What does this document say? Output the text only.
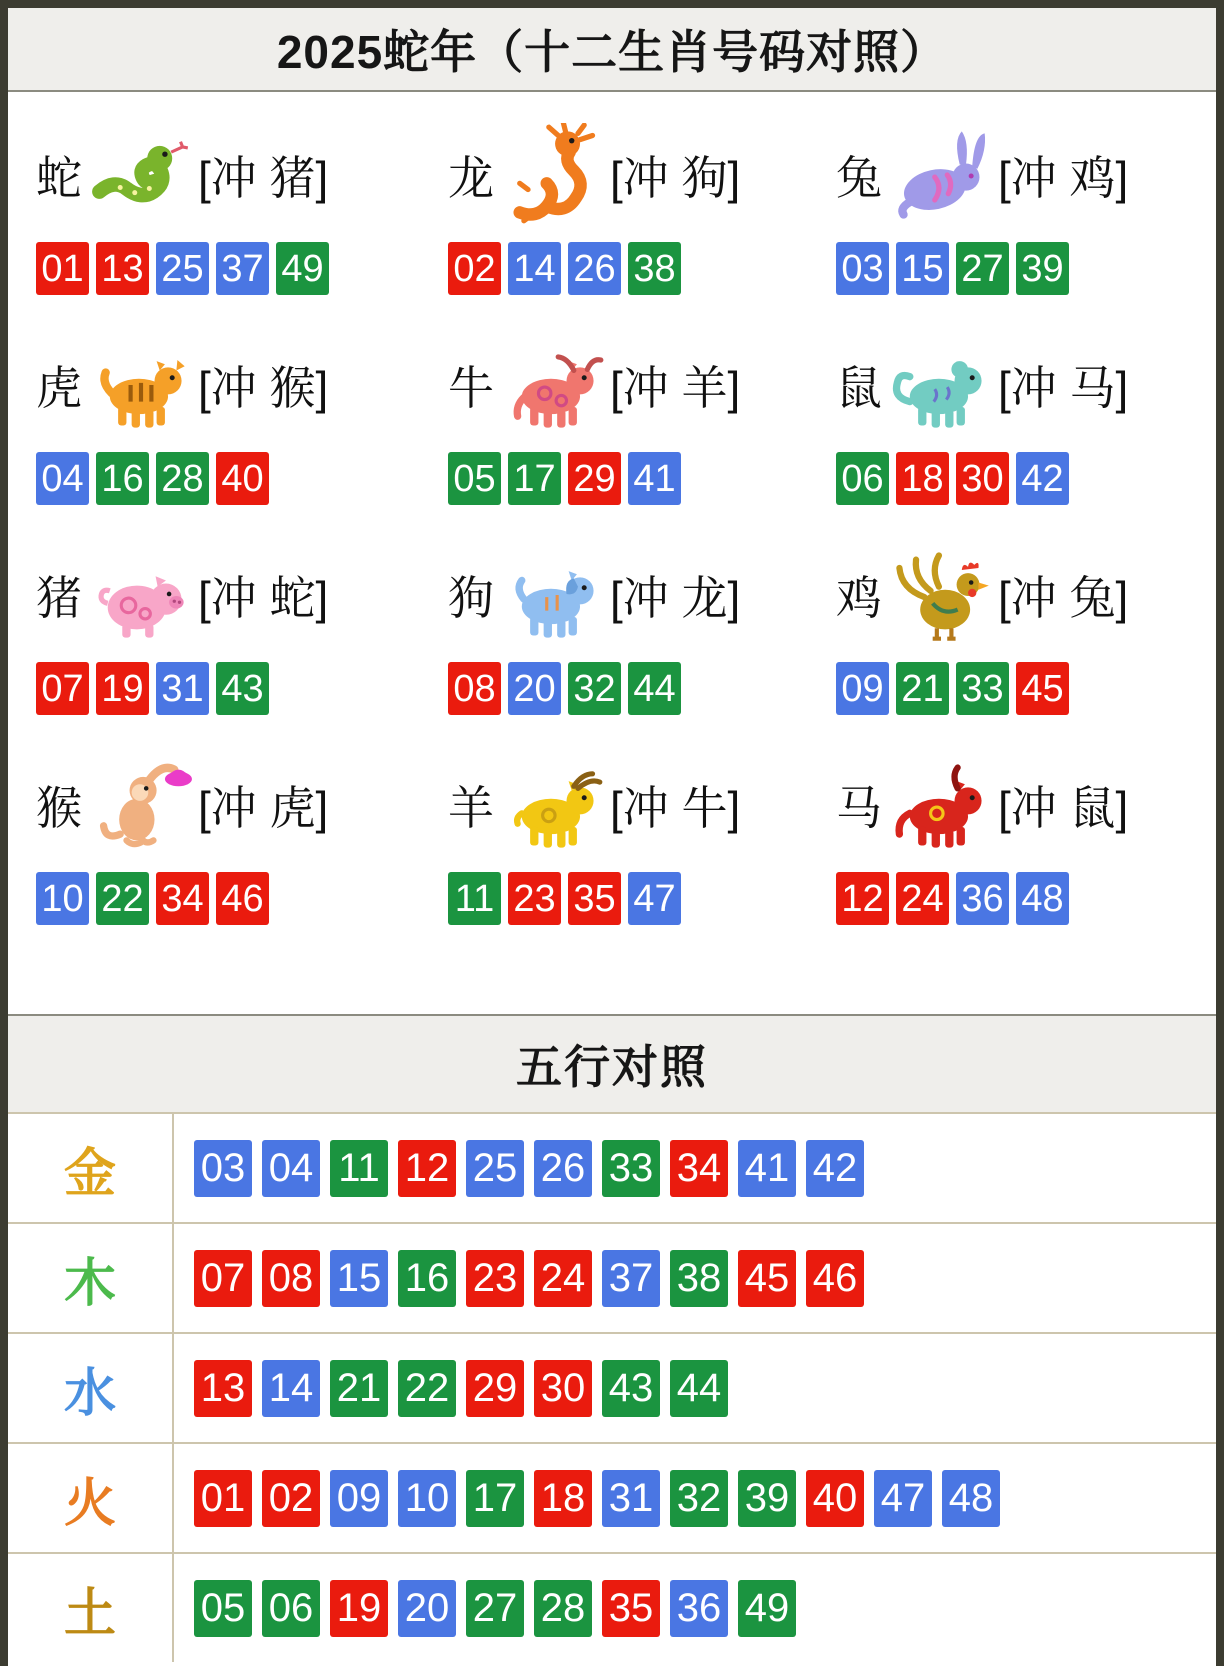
2025蛇年（十二生肖号码对照）
蛇	[冲 猪]
01 13 25 37 49
龙	[冲 狗]
02 14 26 38
兔	[冲 鸡]
03 15 27 39
虎	[冲 猴]
04 16 28 40
牛	[冲 羊]
05 17 29 41
鼠	[冲 马]
06 18 30 42
猪	[冲 蛇]
07 19 31 43
狗	[冲 龙]
08 20 32 44
鸡	[冲 兔]
09 21 33 45
猴	[冲 虎]
10 22 34 46
羊	[冲 牛]
11 23 35 47
马	[冲 鼠]
12 24 36 48
五行对照
金	03 04 11 12 25 26 33 34 41 42
木	07 08 15 16 23 24 37 38 45 46
水	13 14 21 22 29 30 43 44
火	01 02 09 10 17 18 31 32 39 40 47 48
土	05 06 19 20 27 28 35 36 49
